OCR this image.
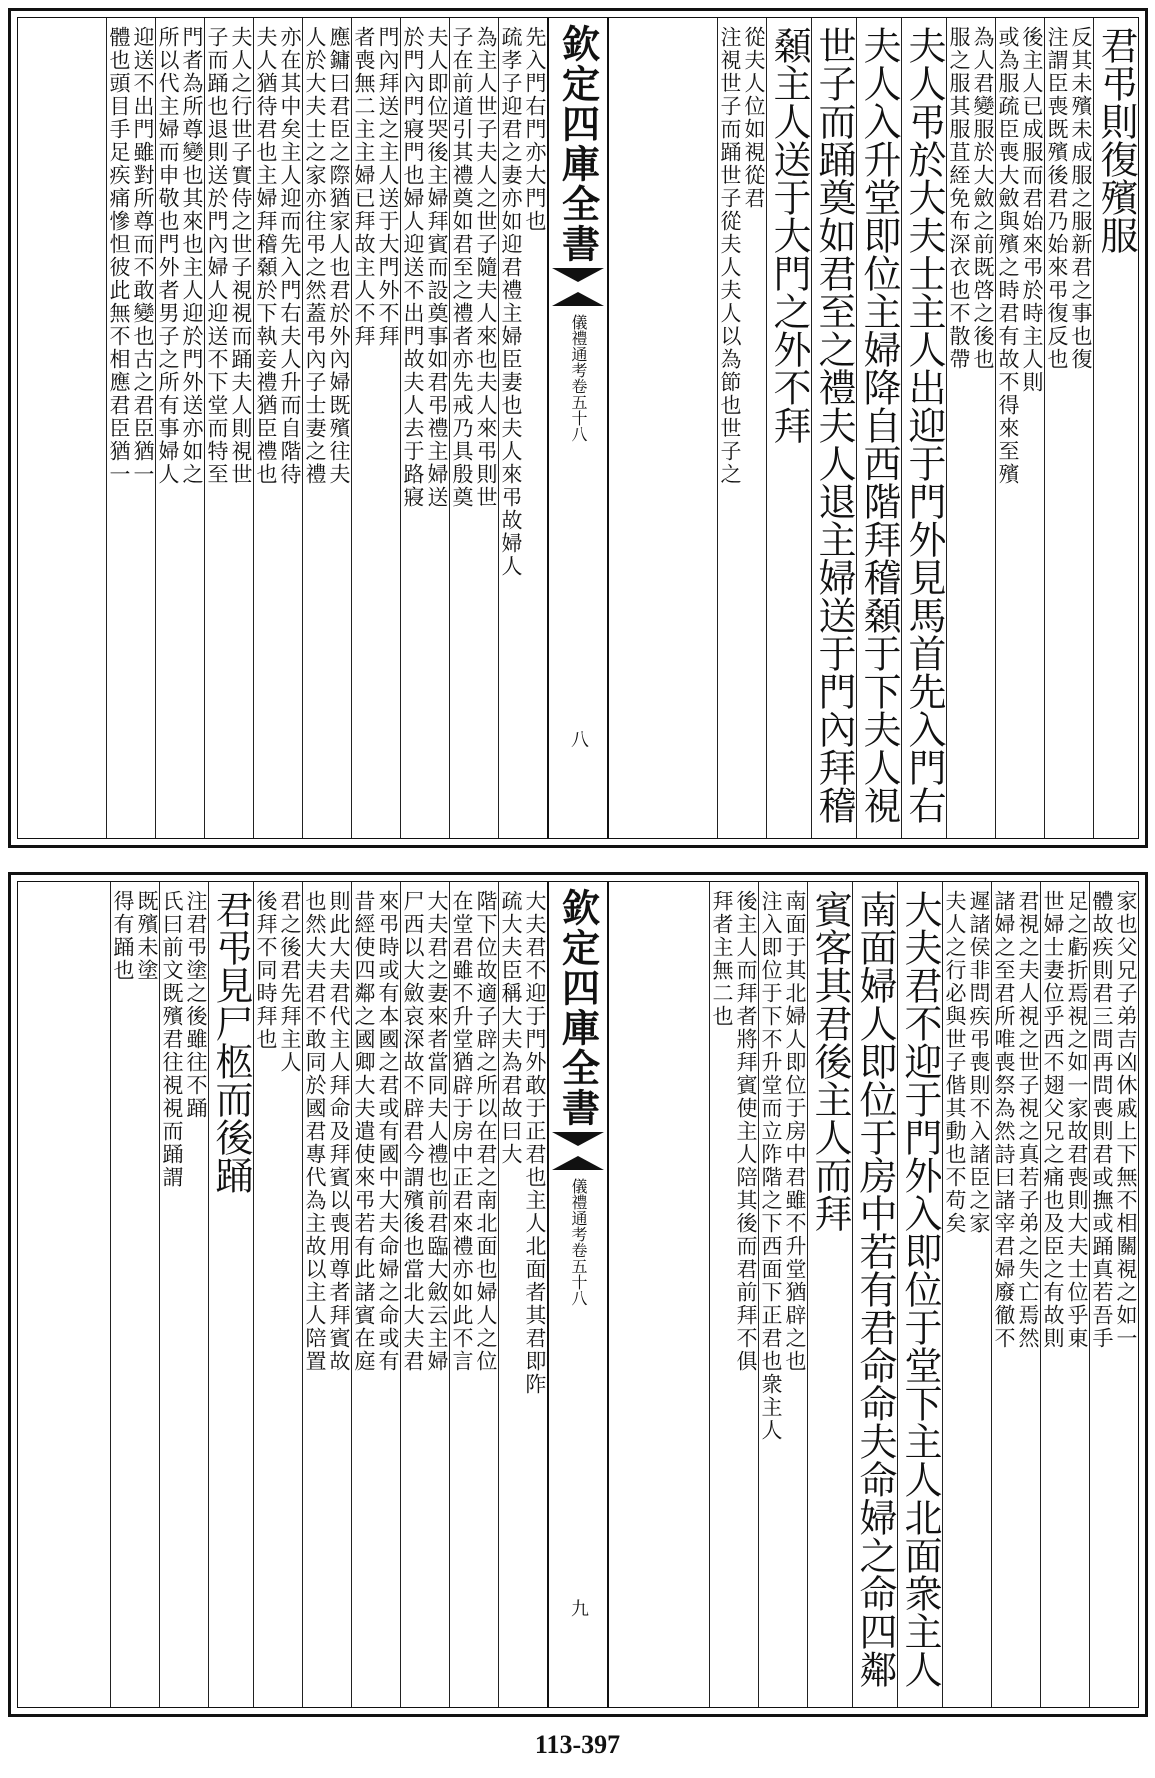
君弔則復殯服
反其未殯未成服之服新君之事也復
注謂臣喪既殯後君乃始來弔復反也
後主人已成服而君始來弔於時主人則
或為服疏臣喪大斂與殯之時君有故不得來至殯
為人君變服於大斂之前既啓之後也
服之服其服苴絰免布深衣也不散帶
夫人弔於大夫士主人出迎于門外見馬首先入門右
夫人入升堂即位主婦降自西階拜稽顙于下夫人視
世子而踊奠如君至之禮夫人退主婦送于門內拜稽
顙主人送于大門之外不拜
從夫人位如視從君
注視世子而踊世子從夫人夫人以為節也世子之
欽定四庫全書
儀禮通考
卷五十八
八
先入門右門亦大門也
疏孝子迎君之妻亦如迎君禮主婦臣妻也夫人來弔故婦人
為主人世子夫人之世子隨夫人來也夫人來弔則世
子在前道引其禮奠如君至之禮者亦先戒乃具殷奠
夫人即位哭後主婦拜賓而設奠事如君弔禮主婦送
於門內門寢門也婦人迎送不出門故夫人去于路寢
門內拜送之主人送于大門外不拜
者喪無二主主婦已拜故主人不拜
應鏞曰君臣之際猶家人也君於外內婦既殯往夫
人於大夫士之家亦往弔之然蓋弔內子士妻之禮
亦在其中矣主人迎而先入門右夫人升而自階待
夫人猶待君也主婦拜稽顙於下執妾禮猶臣禮也
夫人之行世子實侍之世子視視而踊夫人則視世
子而踊也退則送於門內婦人迎送不下堂而特至
門者為所尊變也其來也主人迎於門外送亦如之
所以代主婦而申敬也門外者男子之所有事婦人
迎送不出門雖對所尊而不敢變也古之君臣猶一
體也頭目手足疾痛慘怛彼此無不相應君臣猶一
家也父兄子弟吉凶休戚上下無不相關視之如一
體故疾則君三問再問喪則君或撫或踊真若吾手
足之虧折焉視之如一家故君喪則大夫士位乎東
世婦士妻位乎西不翅父兄之痛也及臣之有故則
君視之夫人視之世子視之真若子弟之失亡焉然
諸婦之至君所唯喪祭為然詩曰諸宰君婦廢徹不
遲諸侯非問疾弔喪則不入諸臣之家
夫人之行必與世子偕其動也不苟矣
大夫君不迎于門外入即位于堂下主人北面衆主人
南面婦人即位于房中若有君命命夫命婦之命四鄰
賓客其君後主人而拜
南面于其北婦人即位于房中君雖不升堂猶辟之也
注入即位于下不升堂而立阼階之下西面下正君也衆主人
後主人而拜者將拜賓使主人陪其後而君前拜不俱
拜者主無二也
欽定四庫全書
儀禮通考
卷五十八
九
大夫君不迎于門外敢于正君也主人北面者其君即阼
疏大夫臣稱大夫為君故曰大
階下位故適子辟之所以在君之南北面也婦人之位
在堂君雖不升堂猶辟于房中正君來禮亦如此不言
大夫君之妻來者當同夫人禮也前君臨大斂云主婦
尸西以大斂哀深故不辟君今謂殯後也當北大夫君
來弔時或有本國之君或有國中大夫命婦之命或有
昔經使四鄰之國卿大夫遣使來弔若有此諸賓在庭
則此大夫君代主人拜命及拜賓以喪用尊者拜賓故
也然大夫君不敢同於國君專代為主故以主人陪置
君之後君先拜主人
後拜不同時拜也
君弔見尸柩而後踊
注君弔塗之後雖往不踊
氏曰前文既殯君往視視而踊謂
既殯未塗
得有踊也
113-397
